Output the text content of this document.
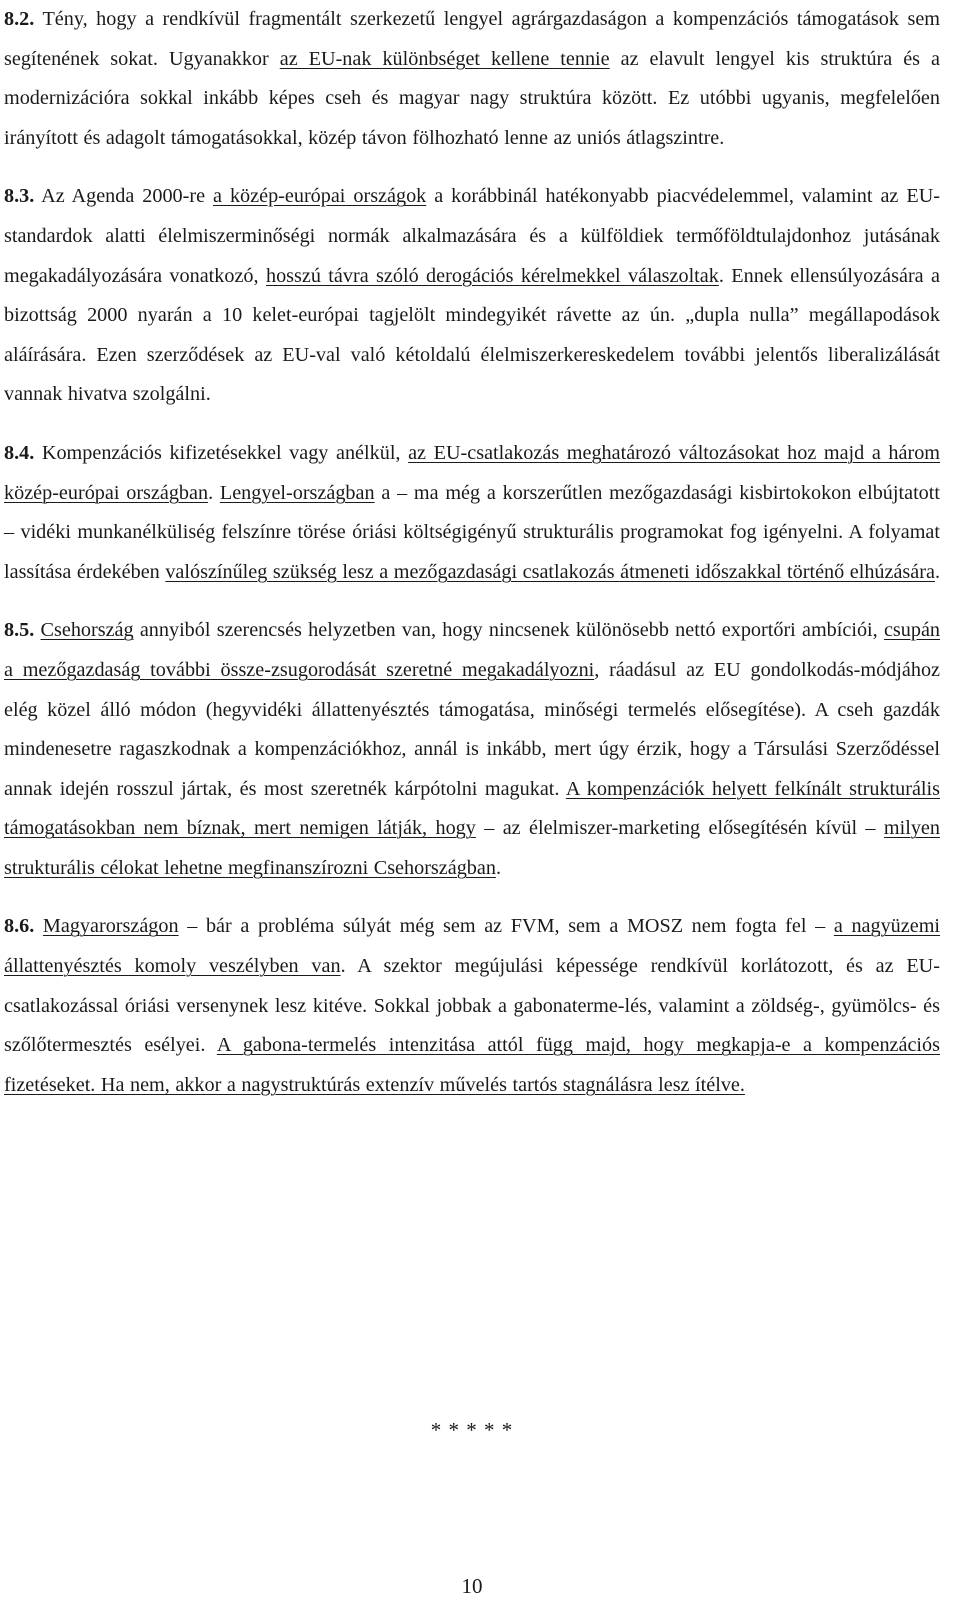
8.2. Tény, hogy a rendkívül fragmentált szerkezetű lengyel agrárgazdaságon a kompenzációs támogatások sem segítenének sokat. Ugyanakkor az EU-nak különbséget kellene tennie az elavult lengyel kis struktúra és a modernizációra sokkal inkább képes cseh és magyar nagy struktúra között. Ez utóbbi ugyanis, megfelelően irányított és adagolt támogatásokkal, közép távon fölhozható lenne az uniós átlagszintre.

8.3. Az Agenda 2000-re a közép-európai országok a korábbinál hatékonyabb piacvédelemmel, valamint az EU-standardok alatti élelmiszerminőségi normák alkalmazására és a külföldiek termőföldtulajdonhoz jutásának megakadályozására vonatkozó, hosszú távra szóló derogációs kérelmekkel válaszoltak. Ennek ellensúlyozására a bizottság 2000 nyarán a 10 kelet-európai tagjelölt mindegyikét rávette az ún. „dupla nulla” megállapodások aláírására. Ezen szerződések az EU-val való kétoldalú élelmiszerkereskedelem további jelentős liberalizálását vannak hivatva szolgálni.

8.4. Kompenzációs kifizetésekkel vagy anélkül, az EU-csatlakozás meghatározó változásokat hoz majd a három közép-európai országban. Lengyel-országban a – ma még a korszerűtlen mezőgazdasági kisbirtokokon elbújtatott – vidéki munkanélküliség felszínre törése óriási költségigényű strukturális programokat fog igényelni. A folyamat lassítása érdekében valószínűleg szükség lesz a mezőgazdasági csatlakozás átmeneti időszakkal történő elhúzására.

8.5. Csehország annyiból szerencsés helyzetben van, hogy nincsenek különösebb nettó exportőri ambíciói, csupán a mezőgazdaság további össze-zsugorodását szeretné megakadályozni, ráadásul az EU gondolkodás-módjához elég közel álló módon (hegyvidéki állattenyésztés támogatása, minőségi termelés elősegítése). A cseh gazdák mindenesetre ragaszkodnak a kompenzációkhoz, annál is inkább, mert úgy érzik, hogy a Társulási Szerződéssel annak idején rosszul jártak, és most szeretnék kárpótolni magukat. A kompenzációk helyett felkínált strukturális támogatásokban nem bíznak, mert nemigen látják, hogy – az élelmiszer-marketing elősegítésén kívül – milyen strukturális célokat lehetne megfinanszírozni Csehországban.

8.6. Magyarországon – bár a probléma súlyát még sem az FVM, sem a MOSZ nem fogta fel – a nagyüzemi állattenyésztés komoly veszélyben van. A szektor megújulási képessége rendkívül korlátozott, és az EU-csatlakozással óriási versenynek lesz kitéve. Sokkal jobbak a gabonaterme-lés, valamint a zöldség-, gyümölcs- és szőlőtermesztés esélyei. A gabona-termelés intenzitása attól függ majd, hogy megkapja-e a kompenzációs fizetéseket. Ha nem, akkor a nagystruktúrás extenzív művelés tartós stagnálásra lesz ítélve.

* * * * *
10
